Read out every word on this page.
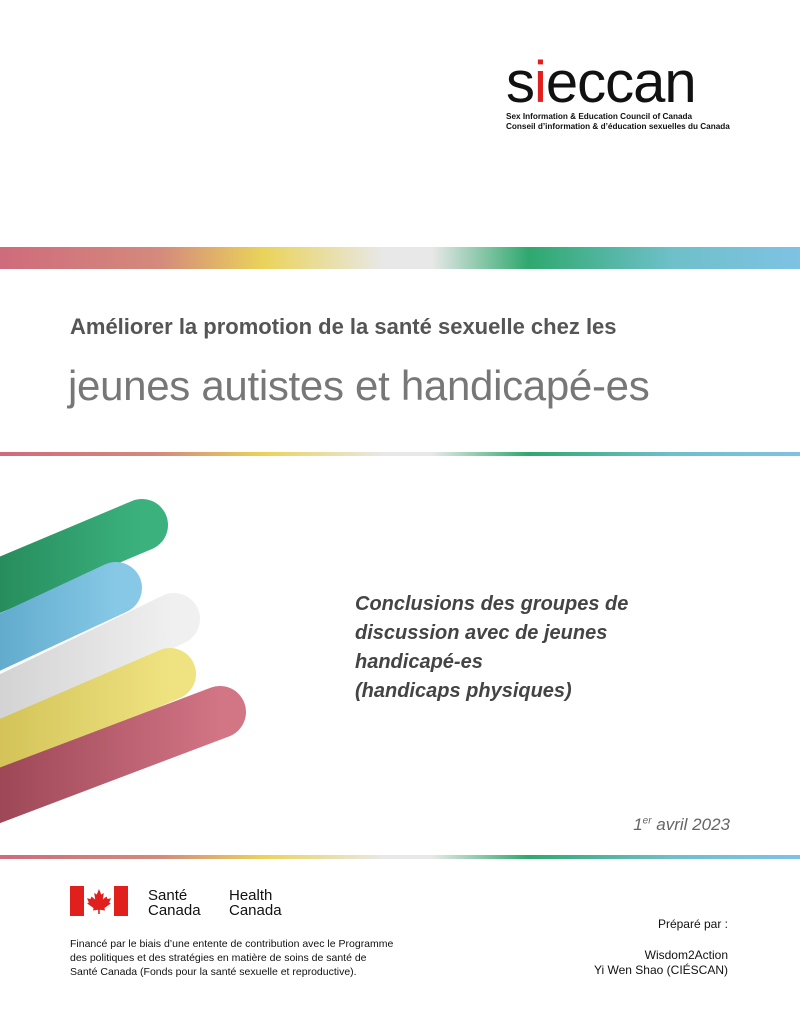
sieccan
Sex Information & Education Council of Canada
Conseil d’information & d’éducation sexuelles du Canada
Améliorer la promotion de la santé sexuelle chez les
jeunes autistes et handicapé-es
Conclusions des groupes de
discussion avec de jeunes
handicapé-es
(handicaps physiques)
1er avril 2023
Santé
Canada
Health
Canada
Financé par le biais d’une entente de contribution avec le Programme
des politiques et des stratégies en matière de soins de santé de
Santé Canada (Fonds pour la santé sexuelle et reproductive).
Préparé par :
Wisdom2Action
Yi Wen Shao (CIÉSCAN)
